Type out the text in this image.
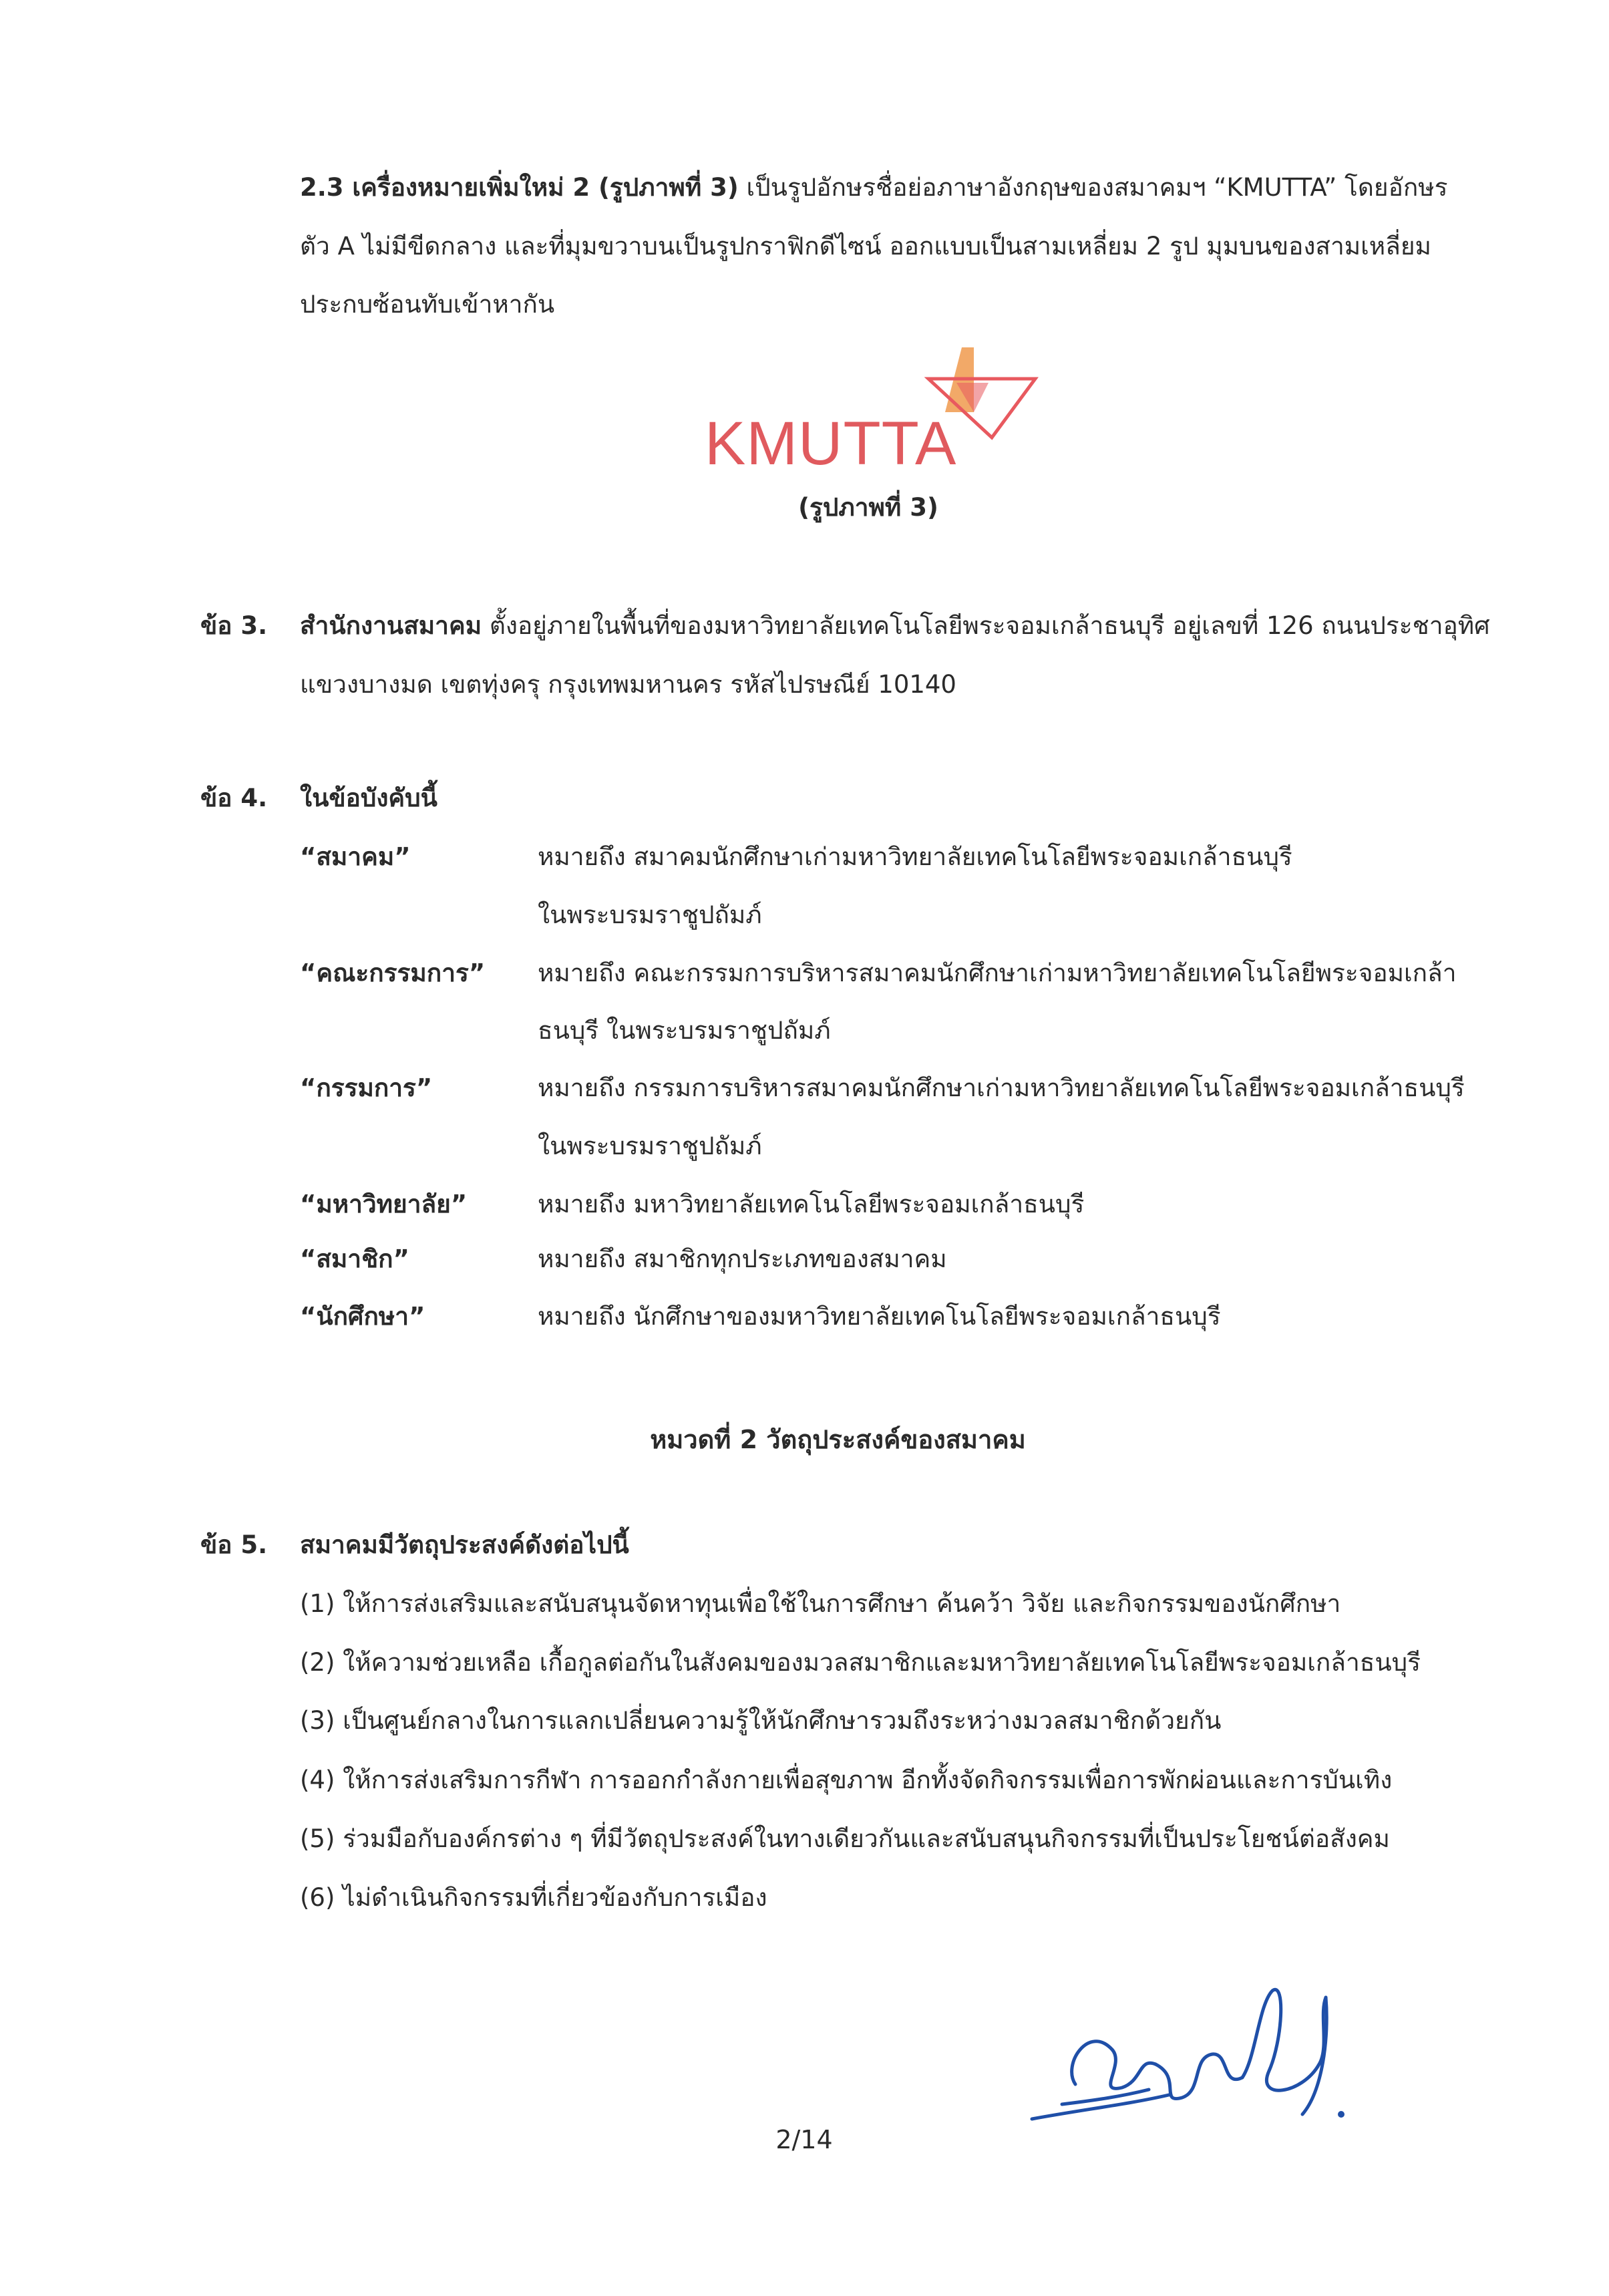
2.3 เครื่องหมายเพิ่มใหม่ 2 (รูปภาพที่ 3) เป็นรูปอักษรชื่อย่อภาษาอังกฤษของสมาคมฯ “KMUTTA” โดยอักษร
ตัว A ไม่มีขีดกลาง และที่มุมขวาบนเป็นรูปกราฟิกดีไซน์ ออกแบบเป็นสามเหลี่ยม 2 รูป มุมบนของสามเหลี่ยม
ประกบซ้อนทับเข้าหากัน
KMUTTA
(รูปภาพที่ 3)
ข้อ 3. สำนักงานสมาคม ตั้งอยู่ภายในพื้นที่ของมหาวิทยาลัยเทคโนโลยีพระจอมเกล้าธนบุรี อยู่เลขที่ 126 ถนนประชาอุทิศ
แขวงบางมด เขตทุ่งครุ กรุงเทพมหานคร รหัสไปรษณีย์ 10140
ข้อ 4. ในข้อบังคับนี้
“สมาคม”	หมายถึง สมาคมนักศึกษาเก่ามหาวิทยาลัยเทคโนโลยีพระจอมเกล้าธนบุรี
ในพระบรมราชูปถัมภ์
“คณะกรรมการ” หมายถึง คณะกรรมการบริหารสมาคมนักศึกษาเก่ามหาวิทยาลัยเทคโนโลยีพระจอมเกล้า
ธนบุรี ในพระบรมราชูปถัมภ์
“กรรมการ”	หมายถึง กรรมการบริหารสมาคมนักศึกษาเก่ามหาวิทยาลัยเทคโนโลยีพระจอมเกล้าธนบุรี
ในพระบรมราชูปถัมภ์
“มหาวิทยาลัย”	หมายถึง มหาวิทยาลัยเทคโนโลยีพระจอมเกล้าธนบุรี
“สมาชิก”	หมายถึง สมาชิกทุกประเภทของสมาคม
“นักศึกษา”	หมายถึง นักศึกษาของมหาวิทยาลัยเทคโนโลยีพระจอมเกล้าธนบุรี
หมวดที่ 2 วัตถุประสงค์ของสมาคม
ข้อ 5. สมาคมมีวัตถุประสงค์ดังต่อไปนี้
(1) ให้การส่งเสริมและสนับสนุนจัดหาทุนเพื่อใช้ในการศึกษา ค้นคว้า วิจัย และกิจกรรมของนักศึกษา
(2) ให้ความช่วยเหลือ เกื้อกูลต่อกันในสังคมของมวลสมาชิกและมหาวิทยาลัยเทคโนโลยีพระจอมเกล้าธนบุรี
(3) เป็นศูนย์กลางในการแลกเปลี่ยนความรู้ให้นักศึกษารวมถึงระหว่างมวลสมาชิกด้วยกัน
(4) ให้การส่งเสริมการกีฬา การออกกำลังกายเพื่อสุขภาพ อีกทั้งจัดกิจกรรมเพื่อการพักผ่อนและการบันเทิง
(5) ร่วมมือกับองค์กรต่าง ๆ ที่มีวัตถุประสงค์ในทางเดียวกันและสนับสนุนกิจกรรมที่เป็นประโยชน์ต่อสังคม
(6) ไม่ดำเนินกิจกรรมที่เกี่ยวข้องกับการเมือง
2/14
